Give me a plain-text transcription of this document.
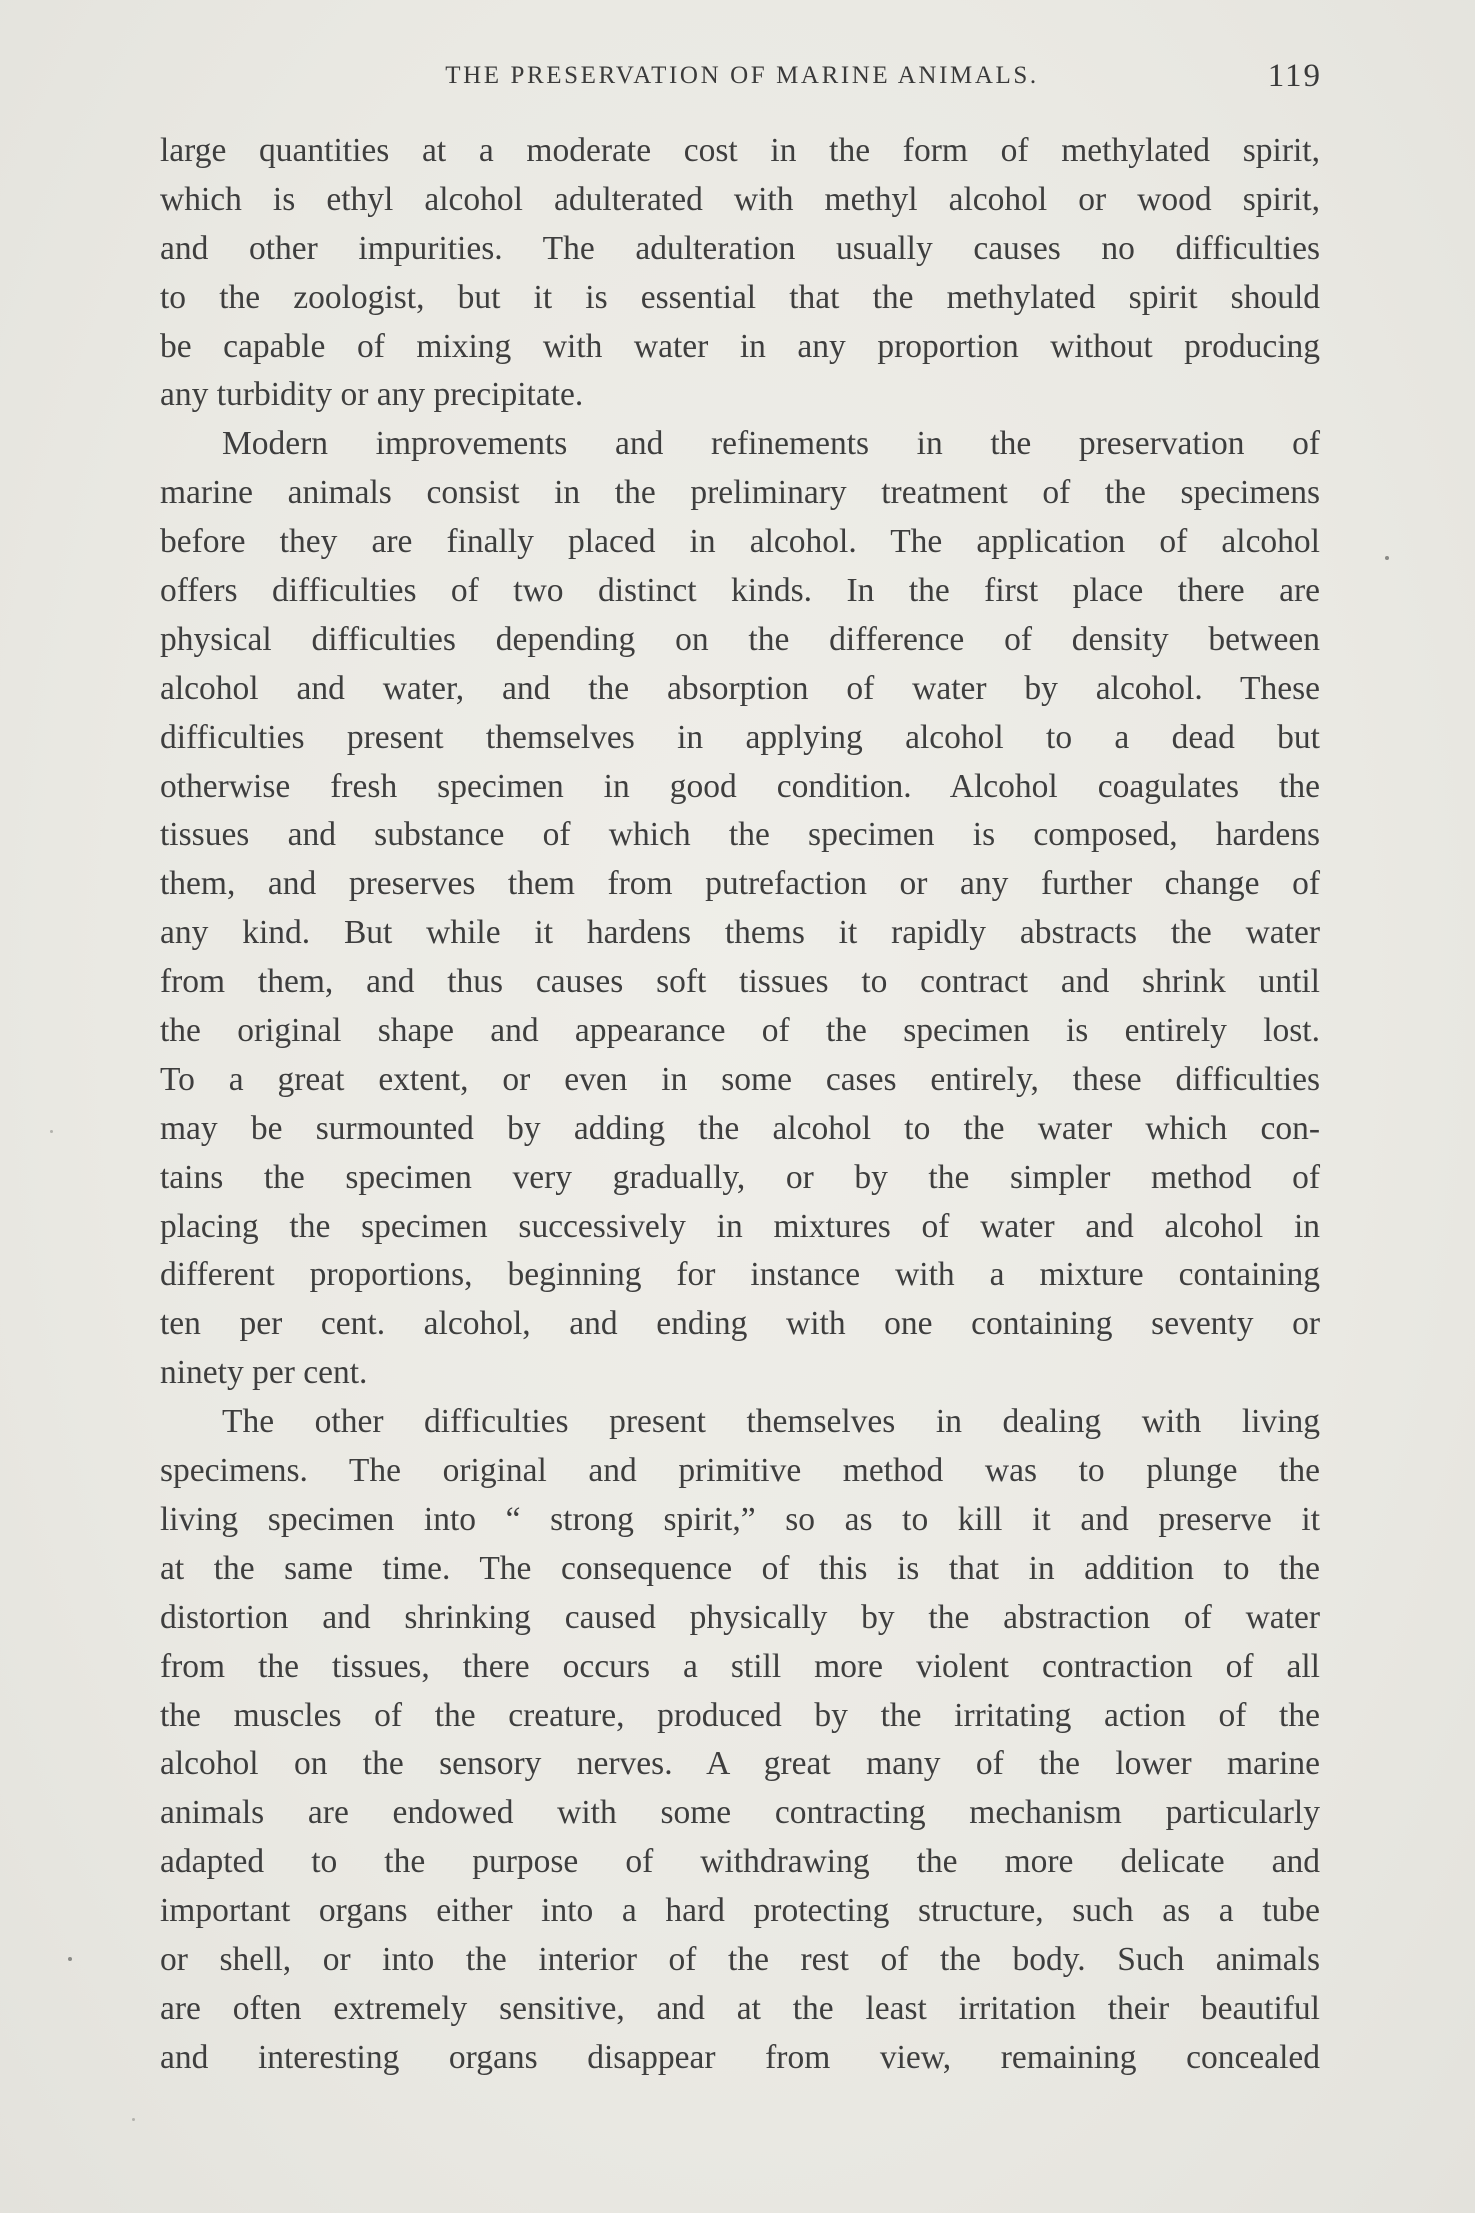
THE PRESERVATION OF MARINE ANIMALS.	119
large quantities at a moderate cost in the form of methylated spirit,
which is ethyl alcohol adulterated with methyl alcohol or wood spirit,
and other impurities. The adulteration usually causes no difficulties
to the zoologist, but it is essential that the methylated spirit should
be capable of mixing with water in any proportion without producing
any turbidity or any precipitate.
Modern improvements and refinements in the preservation of
marine animals consist in the preliminary treatment of the specimens
before they are finally placed in alcohol. The application of alcohol
offers difficulties of two distinct kinds. In the first place there are
physical difficulties depending on the difference of density between
alcohol and water, and the absorption of water by alcohol. These
difficulties present themselves in applying alcohol to a dead but
otherwise fresh specimen in good condition. Alcohol coagulates the
tissues and substance of which the specimen is composed, hardens
them, and preserves them from putrefaction or any further change of
any kind. But while it hardens thems it rapidly abstracts the water
from them, and thus causes soft tissues to contract and shrink until
the original shape and appearance of the specimen is entirely lost.
To a great extent, or even in some cases entirely, these difficulties
may be surmounted by adding the alcohol to the water which con-
tains the specimen very gradually, or by the simpler method of
placing the specimen successively in mixtures of water and alcohol in
different proportions, beginning for instance with a mixture containing
ten per cent. alcohol, and ending with one containing seventy or
ninety per cent.
The other difficulties present themselves in dealing with living
specimens. The original and primitive method was to plunge the
living specimen into “ strong spirit,” so as to kill it and preserve it
at the same time. The consequence of this is that in addition to the
distortion and shrinking caused physically by the abstraction of water
from the tissues, there occurs a still more violent contraction of all
the muscles of the creature, produced by the irritating action of the
alcohol on the sensory nerves. A great many of the lower marine
animals are endowed with some contracting mechanism particularly
adapted to the purpose of withdrawing the more delicate and
important organs either into a hard protecting structure, such as a tube
or shell, or into the interior of the rest of the body. Such animals
are often extremely sensitive, and at the least irritation their beautiful
and interesting organs disappear from view, remaining concealed
